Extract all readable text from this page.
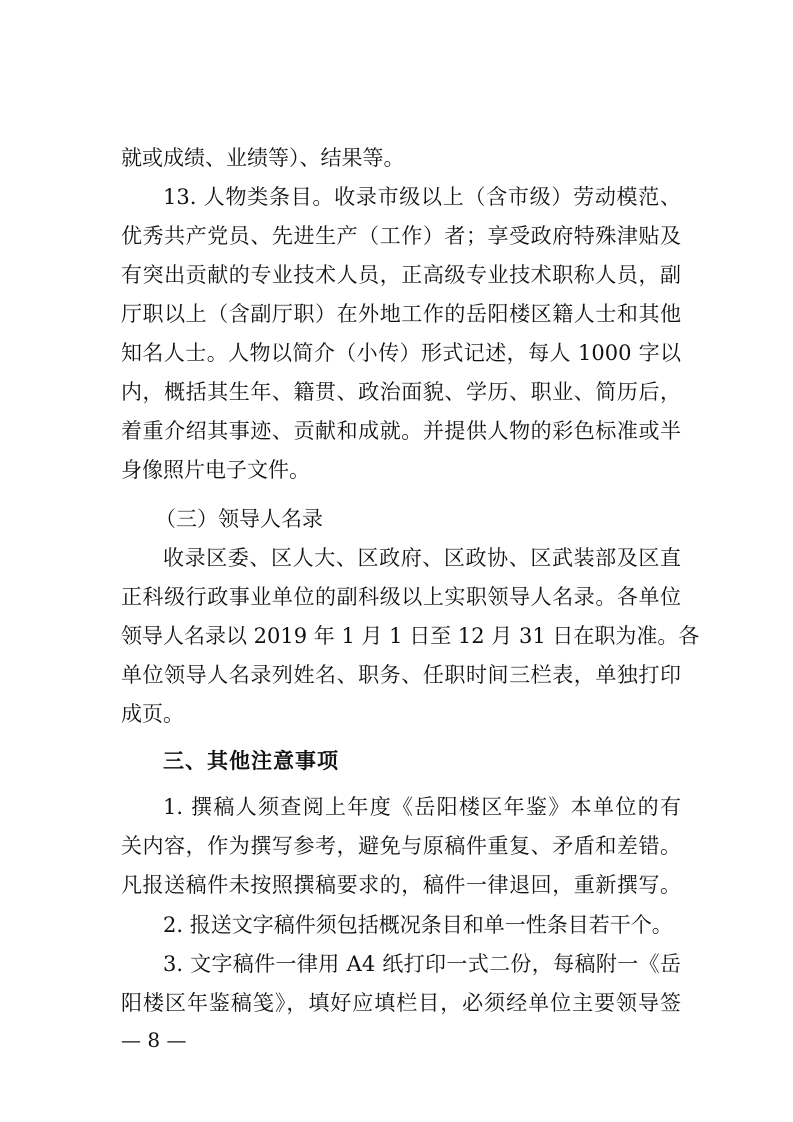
就或成绩、业绩等）、结果等。
13. 人物类条目。收录市级以上（含市级）劳动模范、
优秀共产党员、先进生产（工作）者；享受政府特殊津贴及
有突出贡献的专业技术人员，正高级专业技术职称人员，副
厅职以上（含副厅职）在外地工作的岳阳楼区籍人士和其他
知名人士。人物以简介（小传）形式记述，每人 1000 字以
内，概括其生年、籍贯、政治面貌、学历、职业、简历后，
着重介绍其事迹、贡献和成就。并提供人物的彩色标准或半
身像照片电子文件。
（三）领导人名录
收录区委、区人大、区政府、区政协、区武装部及区直
正科级行政事业单位的副科级以上实职领导人名录。各单位
领导人名录以 2019 年 1 月 1 日至 12 月 31 日在职为准。各
单位领导人名录列姓名、职务、任职时间三栏表，单独打印
成页。
三、其他注意事项
1. 撰稿人须查阅上年度《岳阳楼区年鉴》本单位的有
关内容，作为撰写参考，避免与原稿件重复、矛盾和差错。
凡报送稿件未按照撰稿要求的，稿件一律退回，重新撰写。
2. 报送文字稿件须包括概况条目和单一性条目若干个。
3. 文字稿件一律用 A4 纸打印一式二份，每稿附一《岳
阳楼区年鉴稿笺》，填好应填栏目，必须经单位主要领导签
— 8 —
